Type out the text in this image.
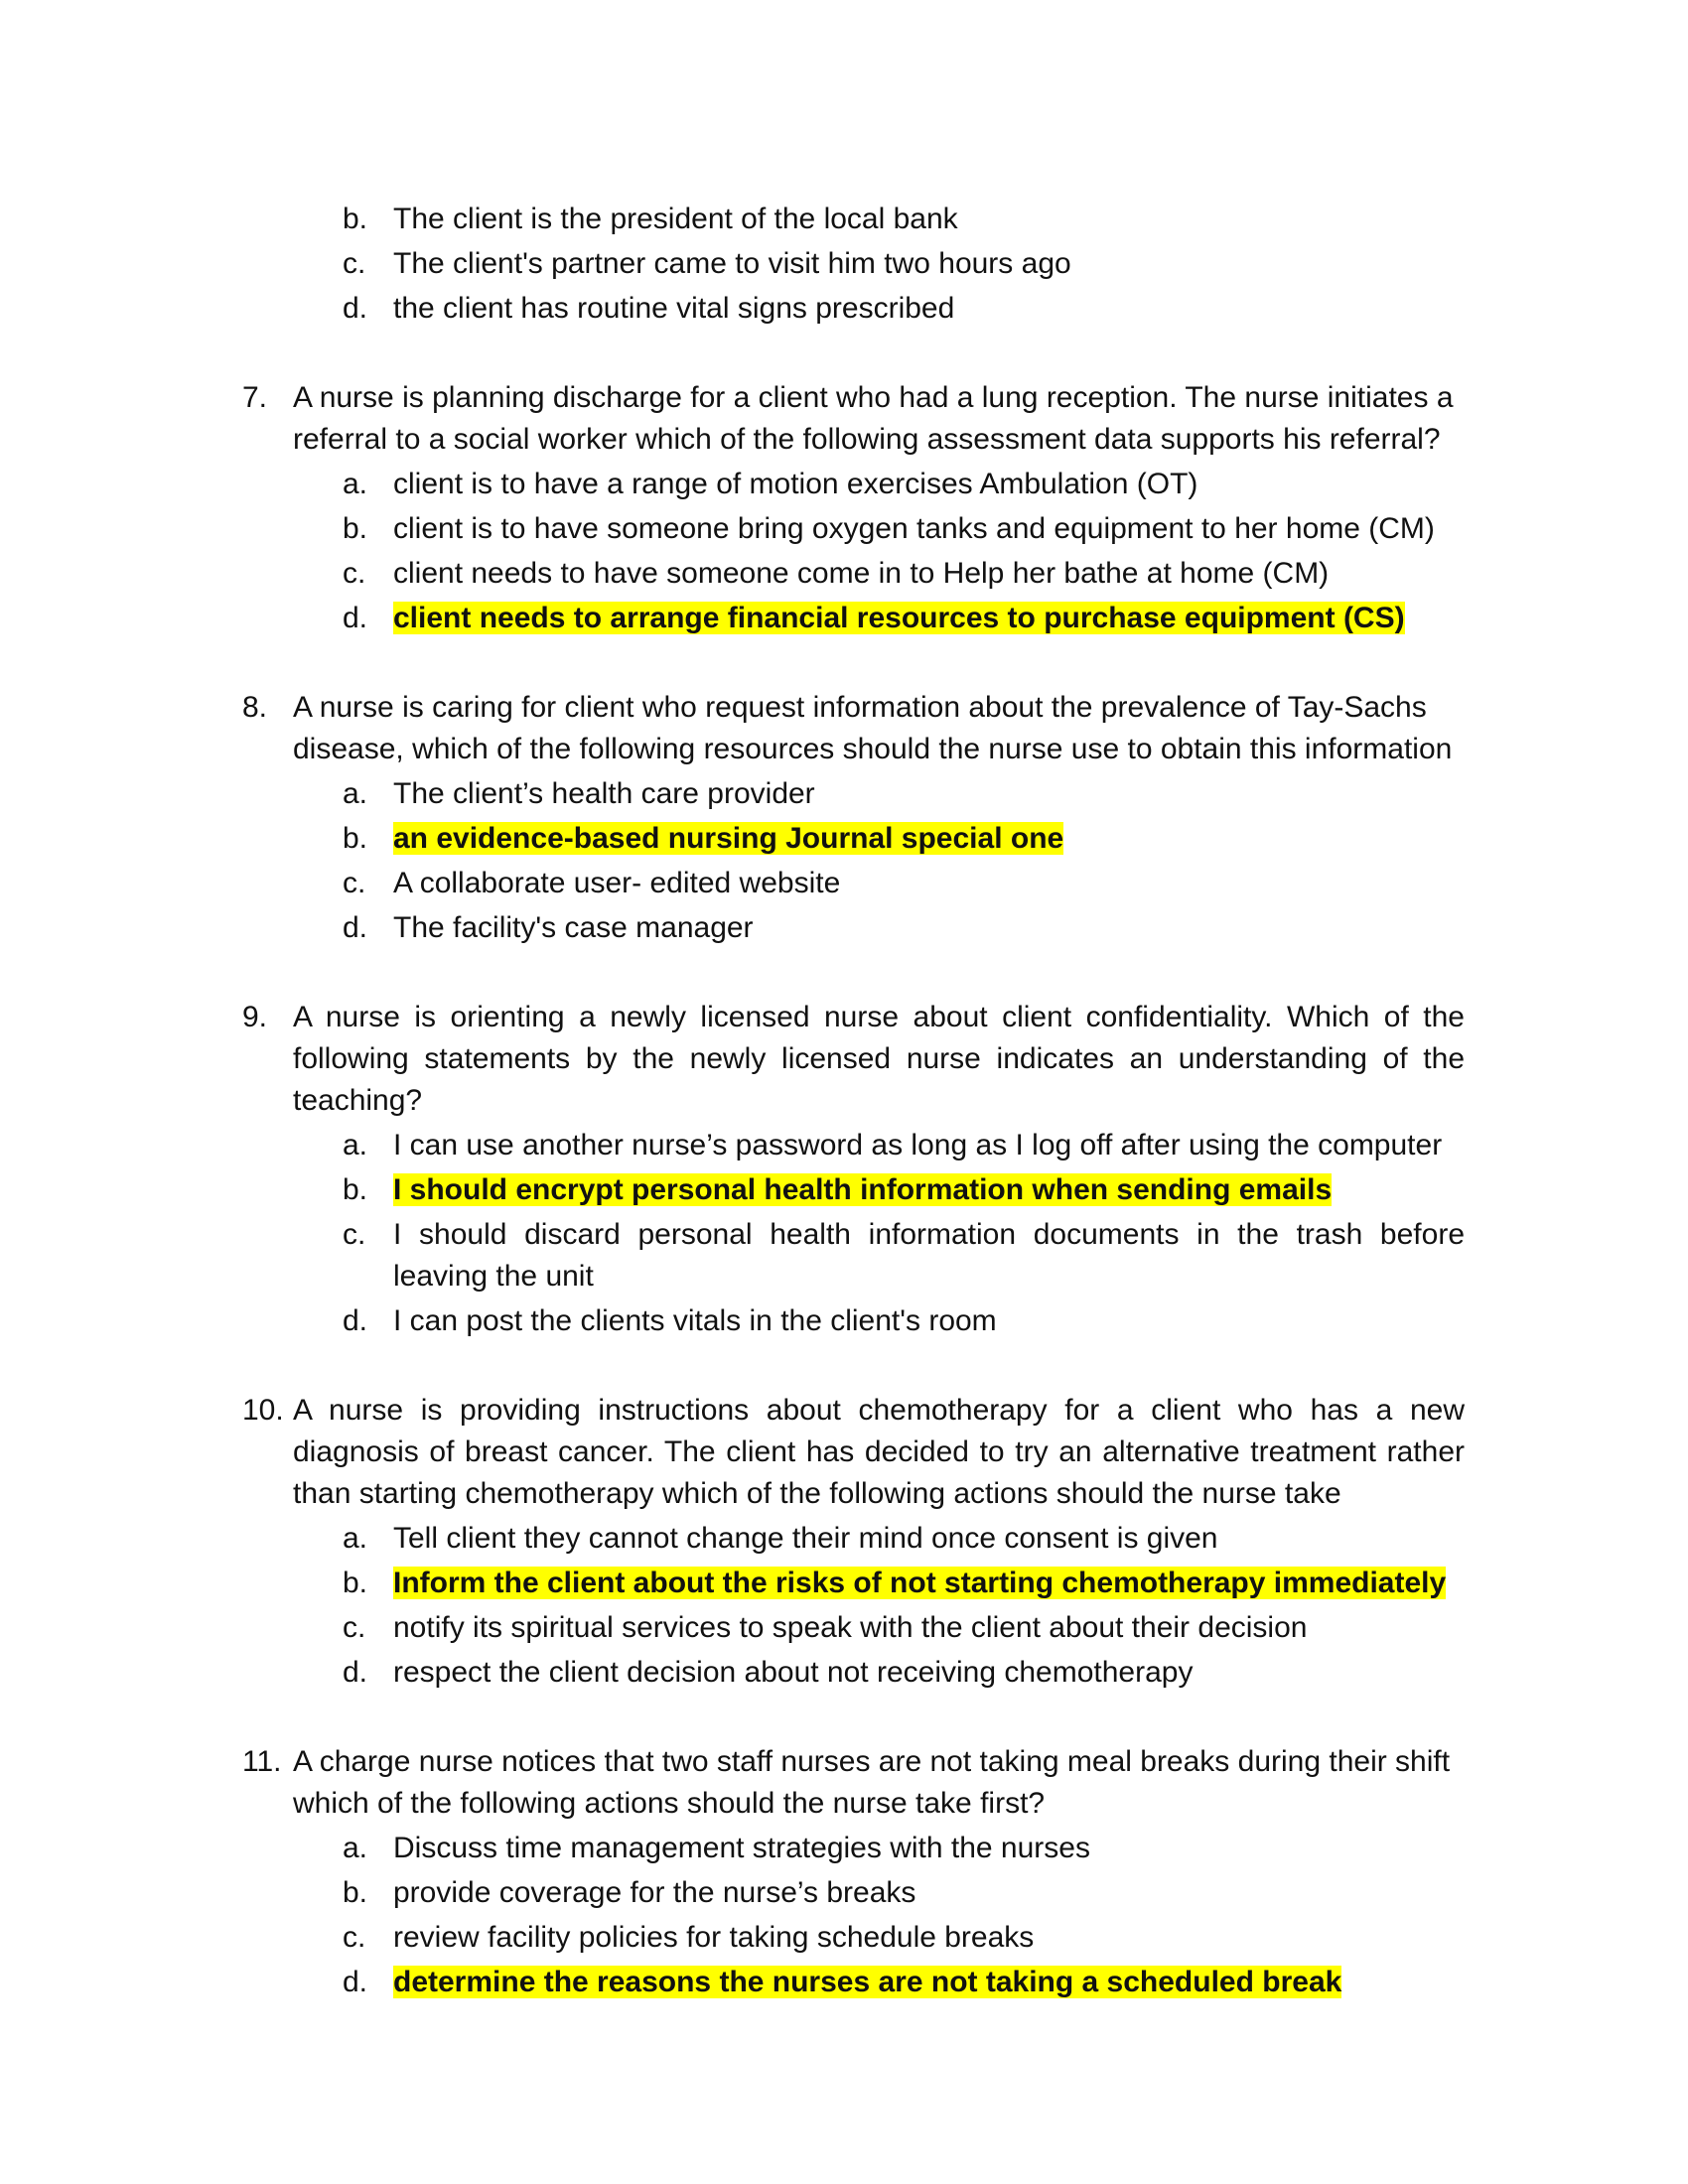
b. The client is the president of the local bank
c. The client's partner came to visit him two hours ago
d. the client has routine vital signs prescribed
7. A nurse is planning discharge for a client who had a lung reception. The nurse initiates a referral to a social worker which of the following assessment data supports his referral?
a. client is to have a range of motion exercises Ambulation (OT)
b. client is to have someone bring oxygen tanks and equipment to her home (CM)
c. client needs to have someone come in to Help her bathe at home (CM)
d. client needs to arrange financial resources to purchase equipment (CS)
8. A nurse is caring for client who request information about the prevalence of Tay-Sachs disease, which of the following resources should the nurse use to obtain this information
a. The client’s health care provider
b. an evidence-based nursing Journal special one
c. A collaborate user- edited website
d. The facility's case manager
9. A nurse is orienting a newly licensed nurse about client confidentiality. Which of the following statements by the newly licensed nurse indicates an understanding of the teaching?
a. I can use another nurse’s password as long as I log off after using the computer
b. I should encrypt personal health information when sending emails
c. I should discard personal health information documents in the trash before leaving the unit
d. I can post the clients vitals in the client's room
10. A nurse is providing instructions about chemotherapy for a client who has a new diagnosis of breast cancer. The client has decided to try an alternative treatment rather than starting chemotherapy which of the following actions should the nurse take
a. Tell client they cannot change their mind once consent is given
b. Inform the client about the risks of not starting chemotherapy immediately
c. notify its spiritual services to speak with the client about their decision
d. respect the client decision about not receiving chemotherapy
11. A charge nurse notices that two staff nurses are not taking meal breaks during their shift which of the following actions should the nurse take first?
a. Discuss time management strategies with the nurses
b. provide coverage for the nurse’s breaks
c. review facility policies for taking schedule breaks
d. determine the reasons the nurses are not taking a scheduled break
